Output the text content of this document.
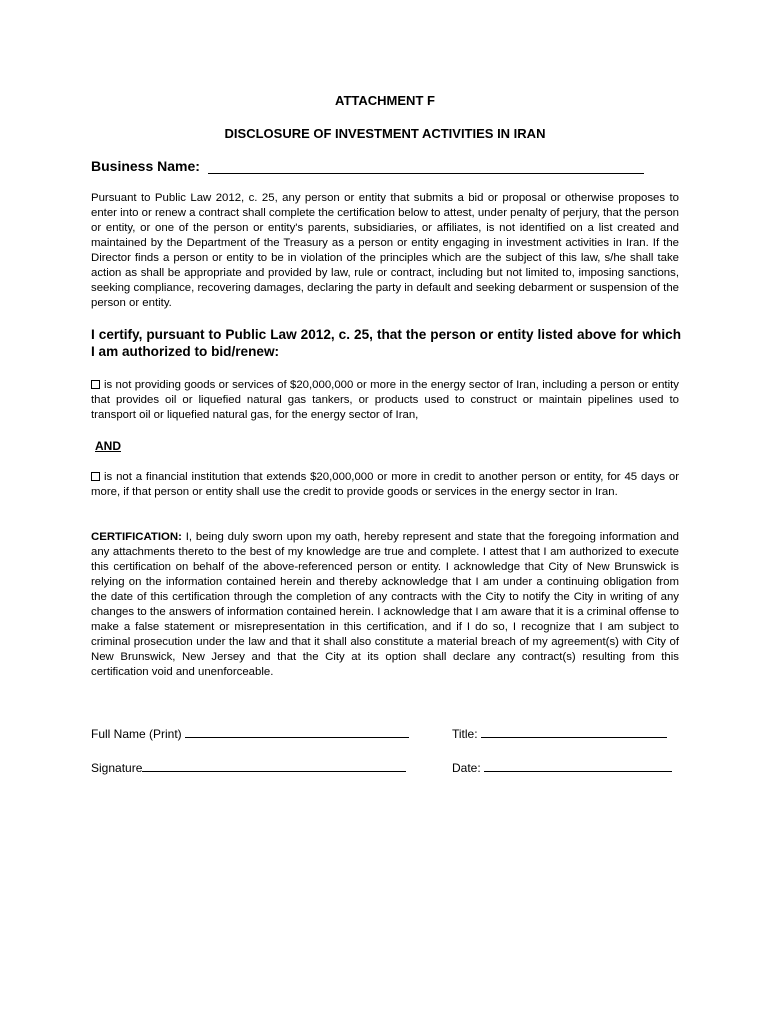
ATTACHMENT F
DISCLOSURE OF INVESTMENT ACTIVITIES IN IRAN
Business Name:
Pursuant to Public Law 2012, c. 25, any person or entity that submits a bid or proposal or otherwise proposes to enter into or renew a contract shall complete the certification below to attest, under penalty of perjury, that the person or entity, or one of the person or entity's parents, subsidiaries, or affiliates, is not identified on a list created and maintained by the Department of the Treasury as a person or entity engaging in investment activities in Iran. If the Director finds a person or entity to be in violation of the principles which are the subject of this law, s/he shall take action as shall be appropriate and provided by law, rule or contract, including but not limited to, imposing sanctions, seeking compliance, recovering damages, declaring the party in default and seeking debarment or suspension of the person or entity.
I certify, pursuant to Public Law 2012, c. 25, that the person or entity listed above for which I am authorized to bid/renew:
is not providing goods or services of $20,000,000 or more in the energy sector of Iran, including a person or entity that provides oil or liquefied natural gas tankers, or products used to construct or maintain pipelines used to transport oil or liquefied natural gas, for the energy sector of Iran,
AND
is not a financial institution that extends $20,000,000 or more in credit to another person or entity, for 45 days or more, if that person or entity shall use the credit to provide goods or services in the energy sector in Iran.
CERTIFICATION: I, being duly sworn upon my oath, hereby represent and state that the foregoing information and any attachments thereto to the best of my knowledge are true and complete. I attest that I am authorized to execute this certification on behalf of the above-referenced person or entity. I acknowledge that City of New Brunswick is relying on the information contained herein and thereby acknowledge that I am under a continuing obligation from the date of this certification through the completion of any contracts with the City to notify the City in writing of any changes to the answers of information contained herein. I acknowledge that I am aware that it is a criminal offense to make a false statement or misrepresentation in this certification, and if I do so, I recognize that I am subject to criminal prosecution under the law and that it shall also constitute a material breach of my agreement(s) with City of New Brunswick, New Jersey and that the City at its option shall declare any contract(s) resulting from this certification void and unenforceable.
Full Name (Print)	Title:
Signature	Date:
